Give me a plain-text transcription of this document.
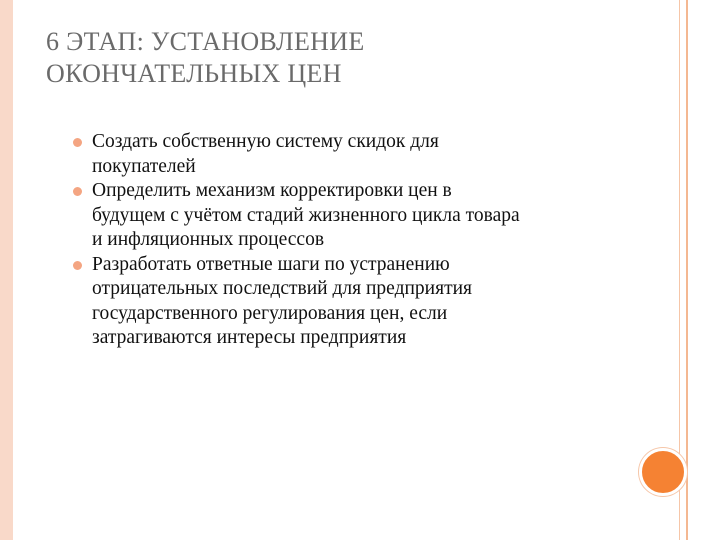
6 ЭТАП: УСТАНОВЛЕНИЕ
ОКОНЧАТЕЛЬНЫХ ЦЕН
Создать собственную систему скидок для
покупателей
Определить механизм корректировки цен в
будущем с учётом стадий жизненного цикла товара
и инфляционных процессов
Разработать ответные шаги по устранению
отрицательных последствий для предприятия
государственного регулирования цен, если
затрагиваются интересы предприятия
